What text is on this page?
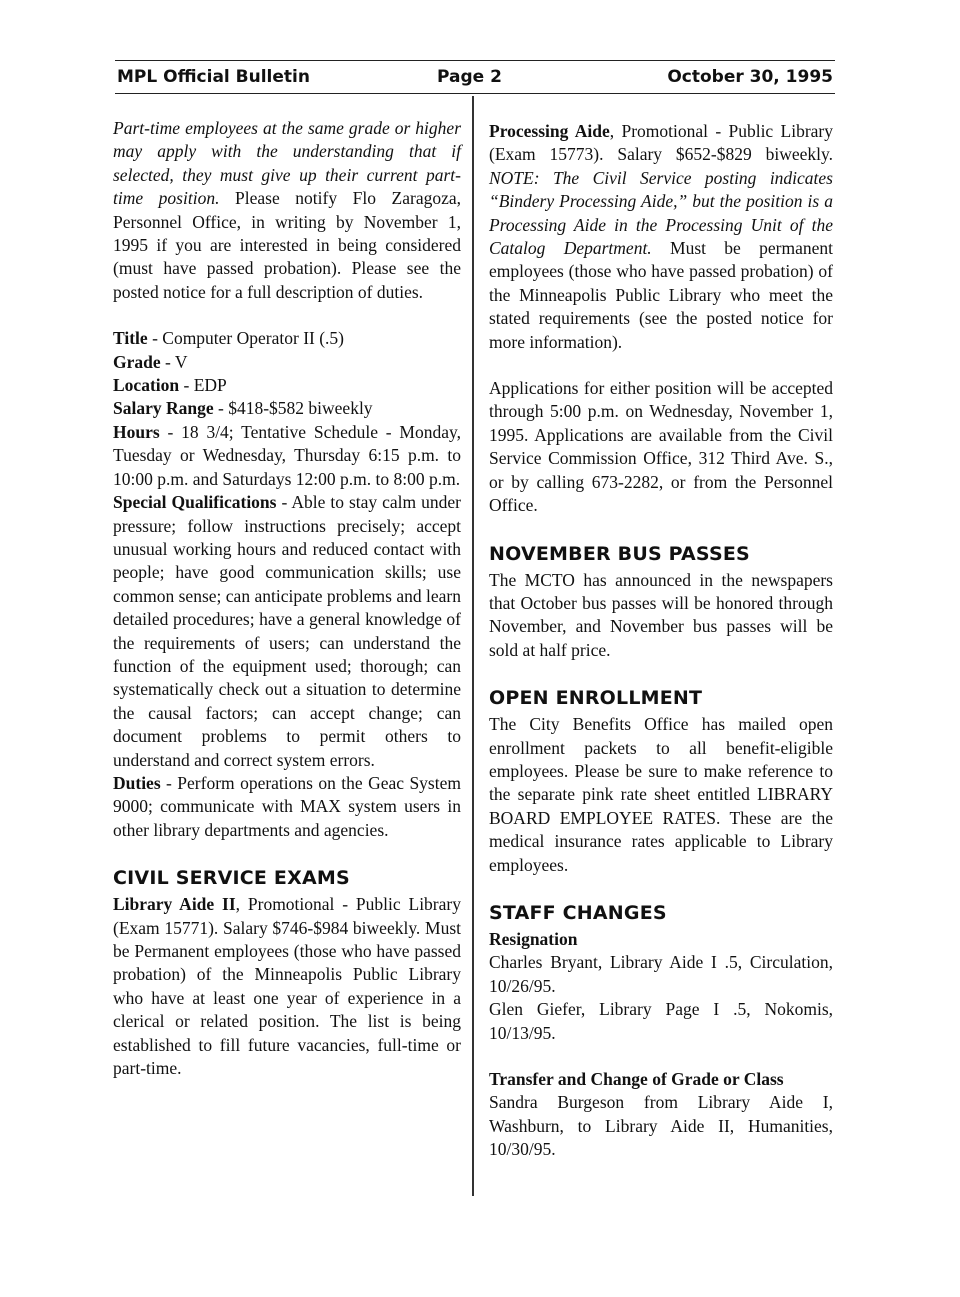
MPL Official Bulletin	Page 2	October 30, 1995

Part-time employees at the same grade or higher may apply with the understanding that if selected, they must give up their current part-time position. Please notify Flo Zaragoza, Personnel Office, in writing by November 1, 1995 if you are interested in being considered (must have passed probation). Please see the posted notice for a full description of duties.

Title - Computer Operator II (.5)

Grade - V

Location - EDP

Salary Range - $418-$582 biweekly

Hours - 18 3/4; Tentative Schedule - Monday, Tuesday or Wednesday, Thursday 6:15 p.m. to 10:00 p.m. and Saturdays 12:00 p.m. to 8:00 p.m.

Special Qualifications - Able to stay calm under pressure; follow instructions precisely; accept unusual working hours and reduced contact with people; have good communication skills; use common sense; can anticipate problems and learn detailed procedures; have a general knowledge of the requirements of users; can understand the function of the equipment used; thorough; can systematically check out a situation to determine the causal factors; can accept change; can document problems to permit others to understand and correct system errors.

Duties - Perform operations on the Geac System 9000; communicate with MAX system users in other library departments and agencies.

CIVIL SERVICE EXAMS

Library Aide II, Promotional - Public Library (Exam 15771). Salary $746-$984 biweekly. Must be Permanent employees (those who have passed probation) of the Minneapolis Public Library who have at least one year of experience in a clerical or related position. The list is being established to fill future vacancies, full-time or part-time.

Processing Aide, Promotional - Public Library (Exam 15773). Salary $652-$829 biweekly. NOTE: The Civil Service posting indicates “Bindery Processing Aide,” but the position is a Processing Aide in the Processing Unit of the Catalog Department. Must be permanent employees (those who have passed probation) of the Minneapolis Public Library who meet the stated requirements (see the posted notice for more information).

Applications for either position will be accepted through 5:00 p.m. on Wednesday, November 1, 1995. Applications are available from the Civil Service Commission Office, 312 Third Ave. S., or by calling 673-2282, or from the Personnel Office.

NOVEMBER BUS PASSES

The MCTO has announced in the newspapers that October bus passes will be honored through November, and November bus passes will be sold at half price.

OPEN ENROLLMENT

The City Benefits Office has mailed open enrollment packets to all benefit-eligible employees. Please be sure to make reference to the separate pink rate sheet entitled LIBRARY BOARD EMPLOYEE RATES. These are the medical insurance rates applicable to Library employees.

STAFF CHANGES

Resignation

Charles Bryant, Library Aide I .5, Circulation, 10/26/95.

Glen Giefer, Library Page I .5, Nokomis, 10/13/95.

Transfer and Change of Grade or Class

Sandra Burgeson from Library Aide I, Washburn, to Library Aide II, Humanities, 10/30/95.
